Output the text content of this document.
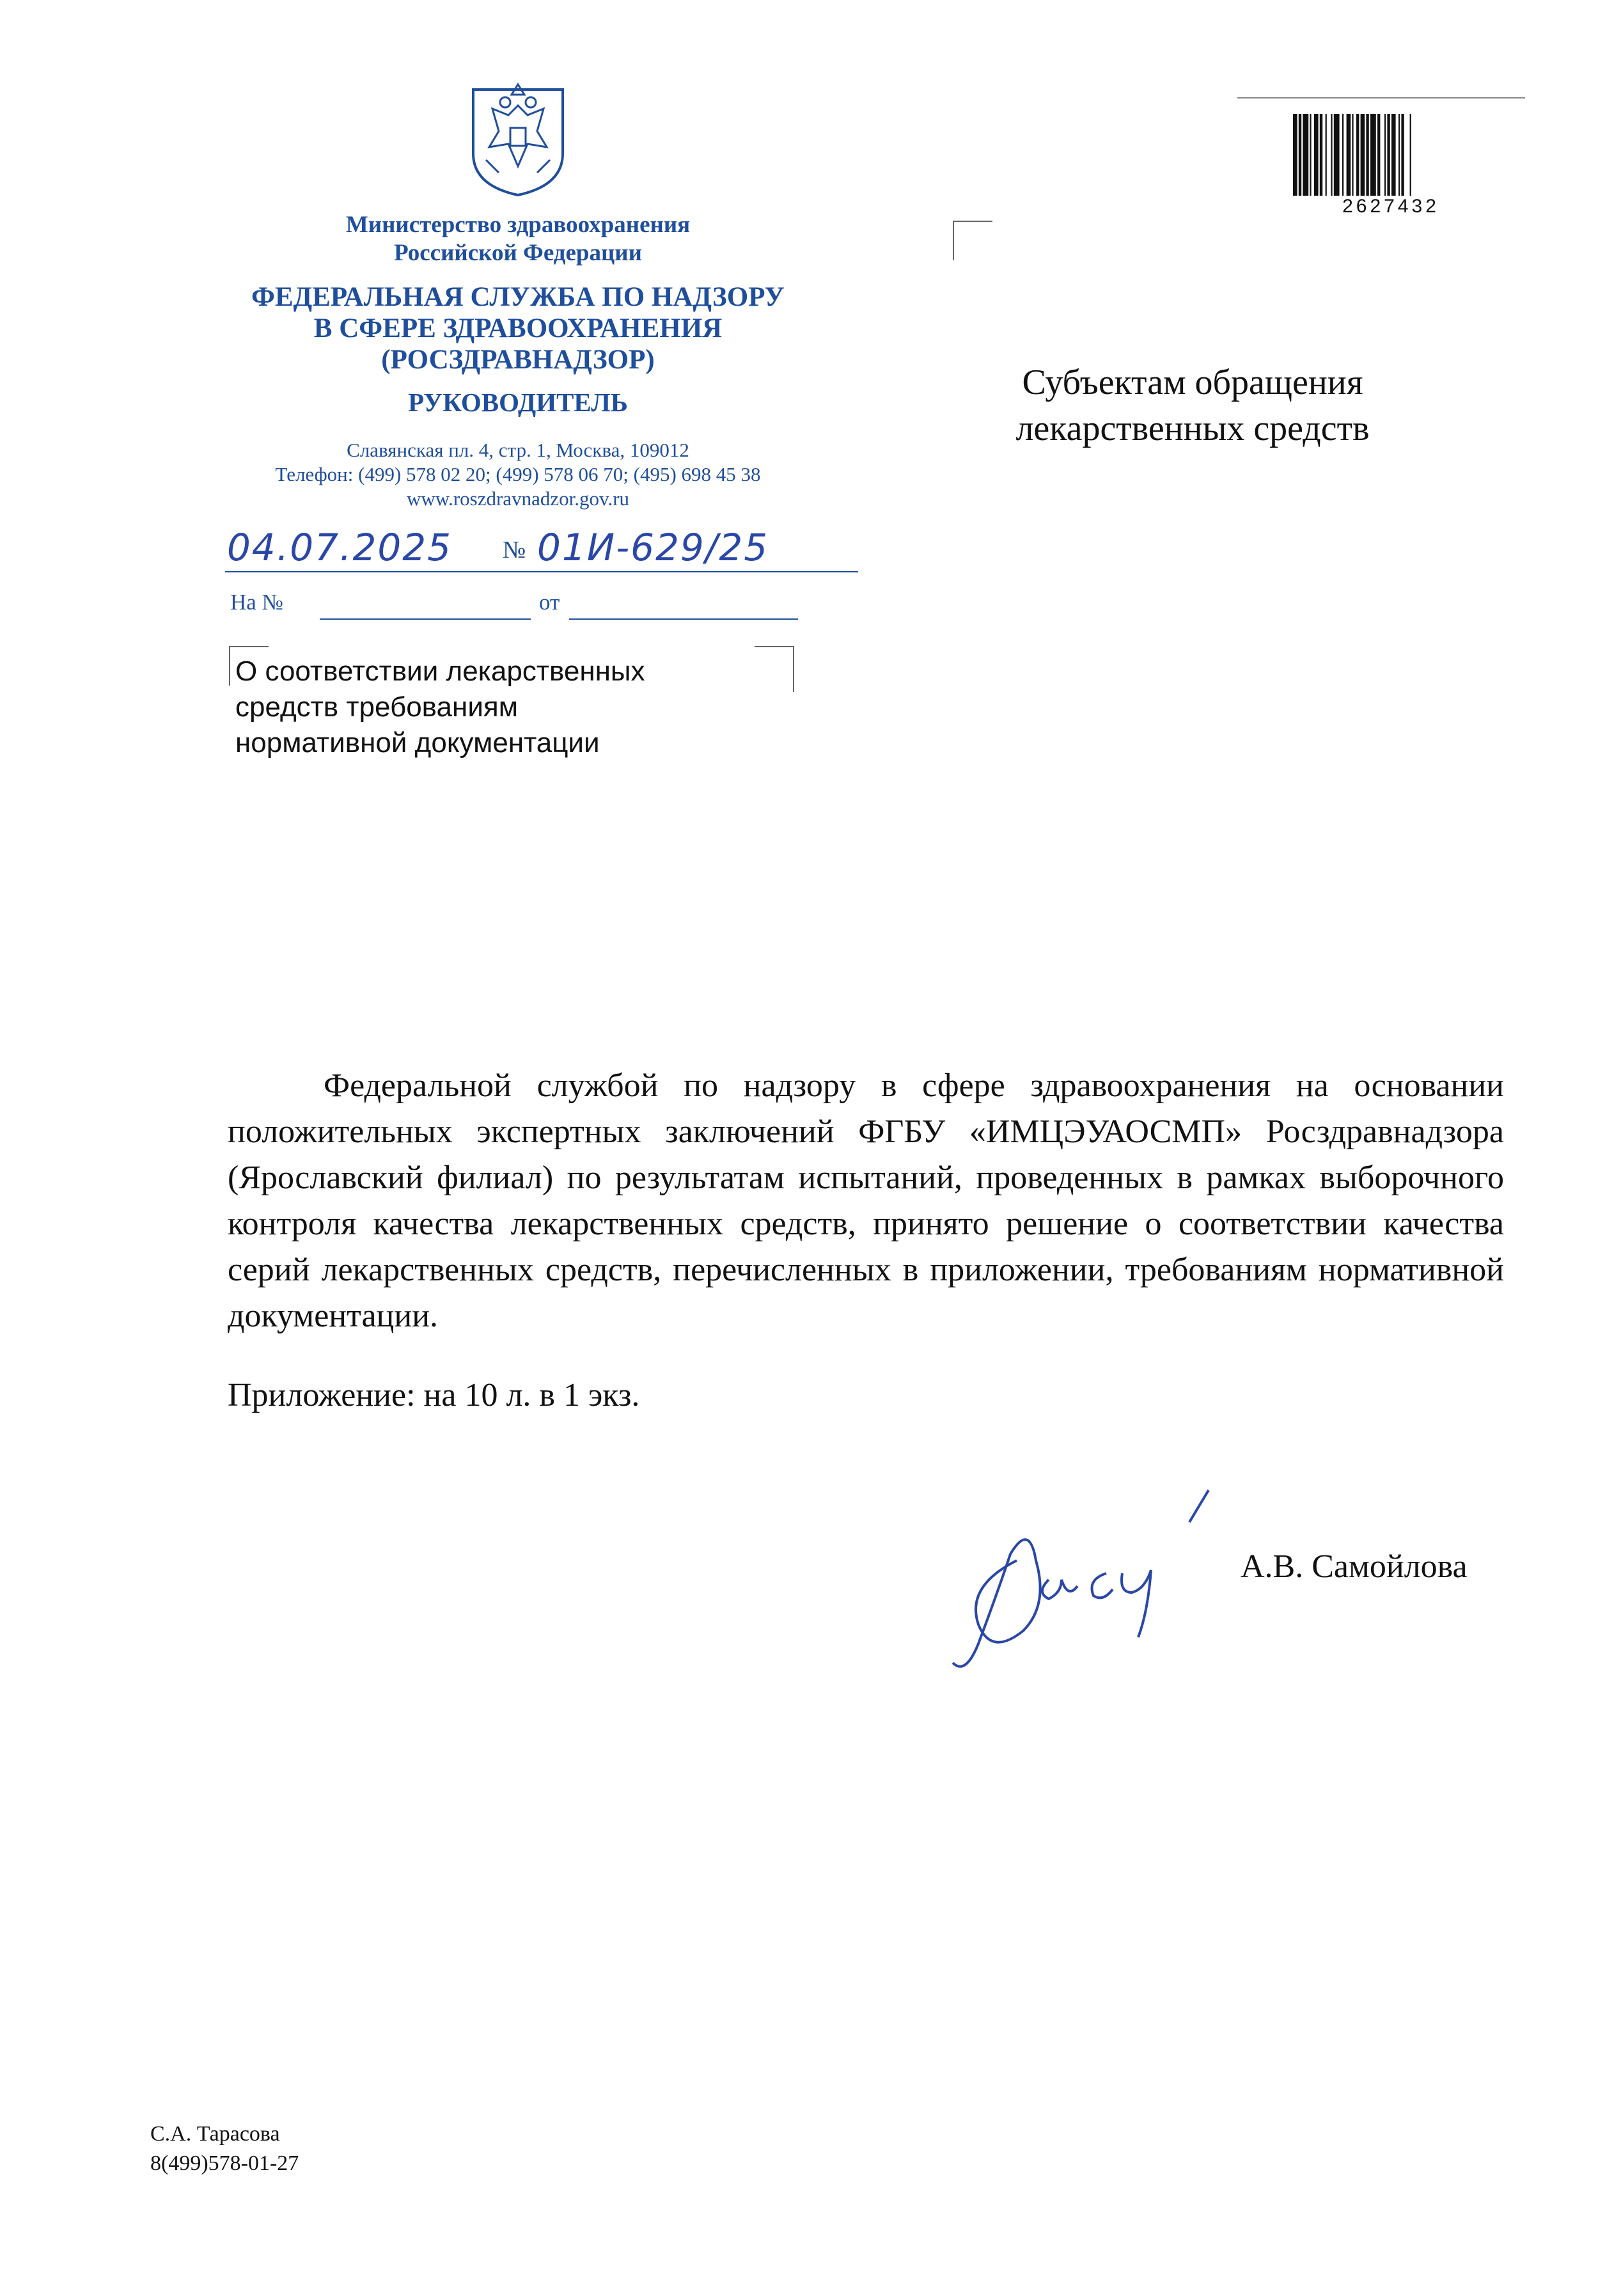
Министерство здравоохранения
Российской Федерации
ФЕДЕРАЛЬНАЯ СЛУЖБА ПО НАДЗОРУ
В СФЕРЕ ЗДРАВООХРАНЕНИЯ
(РОСЗДРАВНАДЗОР)
РУКОВОДИТЕЛЬ
Славянская пл. 4, стр. 1, Москва, 109012
Телефон: (499) 578 02 20; (499) 578 06 70; (495) 698 45 38
www.roszdravnadzor.gov.ru
04.07.2025 № 01И-629/25
На №	от
О соответствии лекарственных
средств требованиям
нормативной документации
2627432
Субъектам обращения
лекарственных средств

Федеральной службой по надзору в сфере здравоохранения на основании положительных экспертных заключений ФГБУ «ИМЦЭУАОСМП» Росздравнадзора (Ярославский филиал) по результатам испытаний, проведенных в рамках выборочного контроля качества лекарственных средств, принято решение о соответствии качества серий лекарственных средств, перечисленных в приложении, требованиям нормативной документации.

Приложение: на 10 л. в 1 экз.
А.В. Самойлова
С.А. Тарасова
8(499)578-01-27
